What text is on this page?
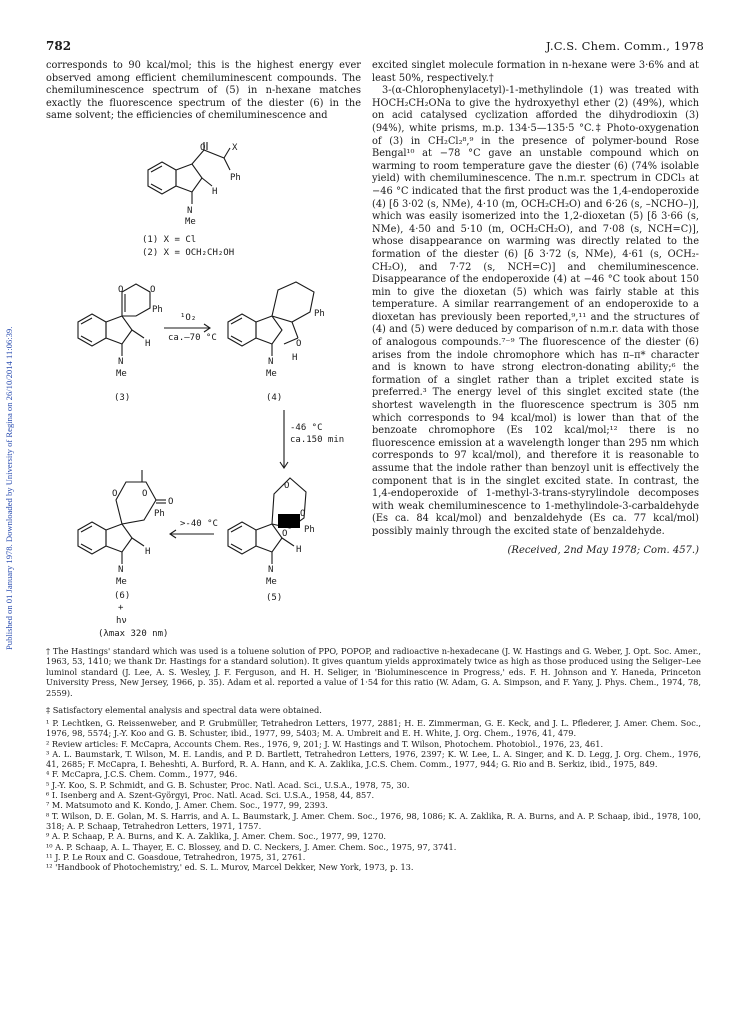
782	J.C.S. Chem. Comm., 1978
Published on 01 January 1978. Downloaded by University of Regina on 26/10/2014 11:06:39.

corresponds to 90 kcal/mol; this is the highest energy ever observed among efficient chemiluminescent compounds. The chemiluminescence spectrum of (5) in n-hexane matches exactly the fluorescence spectrum of the diester (6) in the same solvent; the efficiencies of chemiluminescence and

excited singlet molecule formation in n-hexane were 3·6% and at least 50%, respectively.†

3-(α-Chlorophenylacetyl)-1-methylindole (1) was treated with HOCH₂CH₂ONa to give the hydroxyethyl ether (2) (49%), which on acid catalysed cyclization afforded the dihydrodioxin (3) (94%), white prisms, m.p. 134·5—135·5 °C.‡ Photo-oxygenation of (3) in CH₂Cl₂⁸,⁹ in the presence of polymer-bound Rose Bengal¹⁰ at −78 °C gave an unstable compound which on warming to room temperature gave the diester (6) (74% isolable yield) with chemiluminescence. The n.m.r. spectrum in CDCl₃ at −46 °C indicated that the first product was the 1,4-endoperoxide (4) [δ 3·02 (s, NMe), 4·10 (m, OCH₂CH₂O) and 6·26 (s, –NCHO–)], which was easily isomerized into the 1,2-dioxetan (5) [δ 3·66 (s, NMe), 4·50 and 5·10 (m, OCH₂CH₂O), and 7·08 (s, NCH=C)], whose disappearance on warming was directly related to the formation of the diester (6) [δ 3·72 (s, NMe), 4·61 (s, OCH₂-CH₂O), and 7·72 (s, NCH=C)] and chemiluminescence. Disappearance of the endoperoxide (4) at −46 °C took about 150 min to give the dioxetan (5) which was fairly stable at this temperature. A similar rearrangement of an endoperoxide to a dioxetan has previously been reported,⁹,¹¹ and the structures of (4) and (5) were deduced by comparison of n.m.r. data with those of analogous compounds.⁷⁻⁹ The fluorescence of the diester (6) arises from the indole chromophore which has π–π* character and is known to have strong electron-donating ability;⁶ the formation of a singlet rather than a triplet excited state is preferred.³ The energy level of this singlet excited state (the shortest wavelength in the fluorescence spectrum is 305 nm which corresponds to 94 kcal/mol) is lower than that of the benzoate chromophore (Es 102 kcal/mol;¹² there is no fluorescence emission at a wavelength longer than 295 nm which corresponds to 97 kcal/mol), and therefore it is reasonable to assume that the indole rather than benzoyl unit is effectively the component that is in the singlet excited state. In contrast, the 1,4-endoperoxide of 1-methyl-3-trans-styrylindole decomposes with weak chemiluminescence to 1-methylindole-3-carbaldehyde (Es ca. 84 kcal/mol) and benzaldehyde (Es ca. 77 kcal/mol) possibly mainly through the excited state of benzaldehyde.

(Received, 2nd May 1978; Com. 457.)

O	X
Ph
H
N
Me
(1) X = Cl
(2) X = OCH₂CH₂OH
O	O
Ph
H
N
Me
(3)
¹O₂
ca.–70 °C
Ph
O
H
N
Me
(4)
-46 °C
ca.150 min
O
O
O Ph
H
N
Me
(5)
>-40 °C
O	O
O
Ph
H
N
Me
(6)
+
hν
(λmax 320 nm)
† The Hastings' standard which was used is a toluene solution of PPO, POPOP, and radioactive n-hexadecane (J. W. Hastings and G. Weber, J. Opt. Soc. Amer., 1963, 53, 1410; we thank Dr. Hastings for a standard solution). It gives quantum yields approximately twice as high as those produced using the Seliger–Lee luminol standard (J. Lee, A. S. Wesley, J. F. Ferguson, and H. H. Seliger, in 'Bioluminescence in Progress,' eds. F. H. Johnson and Y. Haneda, Princeton University Press, New Jersey, 1966, p. 35). Adam et al. reported a value of 1·54 for this ratio (W. Adam, G. A. Simpson, and F. Yany, J. Phys. Chem., 1974, 78, 2559).
‡ Satisfactory elemental analysis and spectral data were obtained.

¹ P. Lechtken, G. Reissenweber, and P. Grubmüller, Tetrahedron Letters, 1977, 2881; H. E. Zimmerman, G. E. Keck, and J. L. Pflederer, J. Amer. Chem. Soc., 1976, 98, 5574; J.-Y. Koo and G. B. Schuster, ibid., 1977, 99, 5403; M. A. Umbreit and E. H. White, J. Org. Chem., 1976, 41, 479.

² Review articles: F. McCapra, Accounts Chem. Res., 1976, 9, 201; J. W. Hastings and T. Wilson, Photochem. Photobiol., 1976, 23, 461.

³ A. L. Baumstark, T. Wilson, M. E. Landis, and P. D. Bartlett, Tetrahedron Letters, 1976, 2397; K. W. Lee, L. A. Singer, and K. D. Legg, J. Org. Chem., 1976, 41, 2685; F. McCapra, I. Beheshti, A. Burford, R. A. Hann, and K. A. Zaklika, J.C.S. Chem. Comm., 1977, 944; G. Rio and B. Serkiz, ibid., 1975, 849.

⁴ F. McCapra, J.C.S. Chem. Comm., 1977, 946.

⁵ J.-Y. Koo, S. P. Schmidt, and G. B. Schuster, Proc. Natl. Acad. Sci., U.S.A., 1978, 75, 30.

⁶ I. Isenberg and A. Szent-Györgyi, Proc. Natl. Acad. Sci. U.S.A., 1958, 44, 857.

⁷ M. Matsumoto and K. Kondo, J. Amer. Chem. Soc., 1977, 99, 2393.

⁸ T. Wilson, D. E. Golan, M. S. Harris, and A. L. Baumstark, J. Amer. Chem. Soc., 1976, 98, 1086; K. A. Zaklika, R. A. Burns, and A. P. Schaap, ibid., 1978, 100, 318; A. P. Schaap, Tetrahedron Letters, 1971, 1757.

⁹ A. P. Schaap, P. A. Burns, and K. A. Zaklika, J. Amer. Chem. Soc., 1977, 99, 1270.

¹⁰ A. P. Schaap, A. L. Thayer, E. C. Blossey, and D. C. Neckers, J. Amer. Chem. Soc., 1975, 97, 3741.

¹¹ J. P. Le Roux and C. Goasdoue, Tetrahedron, 1975, 31, 2761.

¹² 'Handbook of Photochemistry,' ed. S. L. Murov, Marcel Dekker, New York, 1973, p. 13.
